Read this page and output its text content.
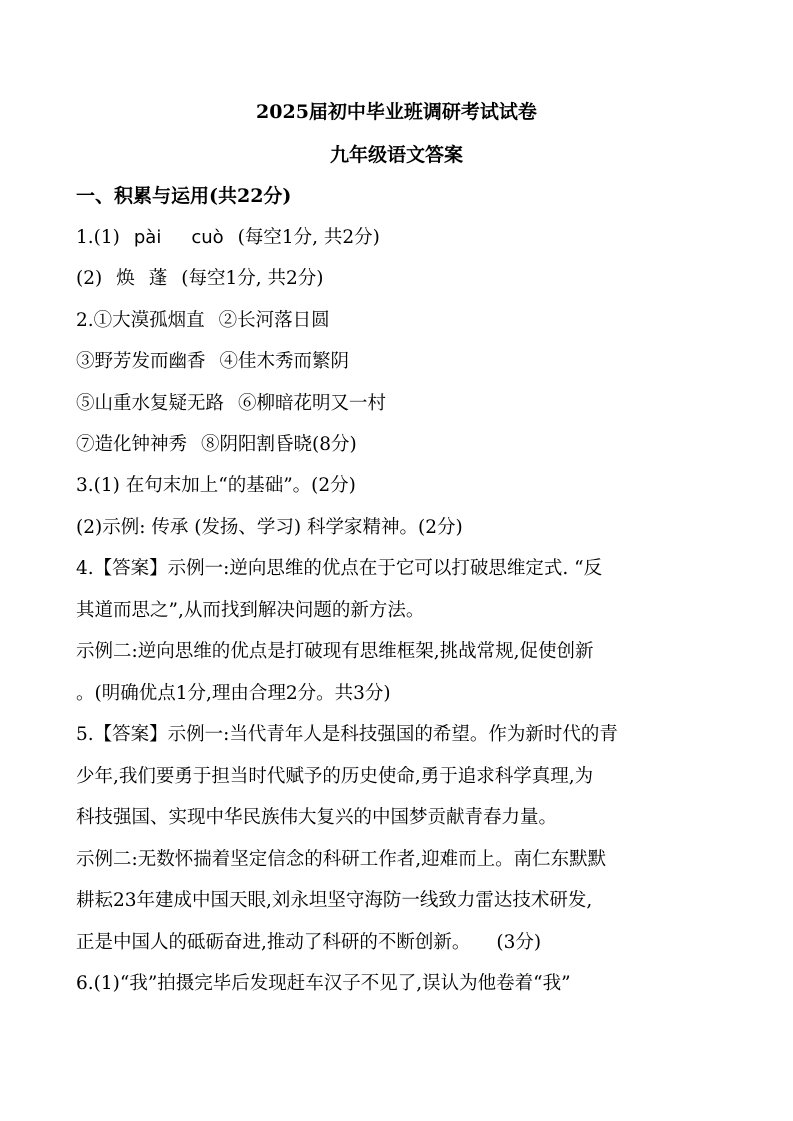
2025届初中毕业班调研考试试卷
九年级语文答案
一、积累与运用(共22分)
1.(1) pài cuò (每空1分, 共2分)
(2) 焕 蓬 (每空1分, 共2分)
2.①大漠孤烟直 ②长河落日圆
③野芳发而幽香 ④佳木秀而繁阴
⑤山重水复疑无路 ⑥柳暗花明又一村
⑦造化钟神秀 ⑧阴阳割昏晓(8分)
3.(1) 在句末加上“的基础”。(2分)
(2)示例: 传承 (发扬、学习) 科学家精神。(2分)
4.【答案】示例一:逆向思维的优点在于它可以打破思维定式. “反
其道而思之”,从而找到解决问题的新方法。
示例二:逆向思维的优点是打破现有思维框架,挑战常规,促使创新
。(明确优点1分,理由合理2分。共3分)
5.【答案】示例一:当代青年人是科技强国的希望。作为新时代的青
少年,我们要勇于担当时代赋予的历史使命,勇于追求科学真理,为
科技强国、实现中华民族伟大复兴的中国梦贡献青春力量。
示例二:无数怀揣着坚定信念的科研工作者,迎难而上。南仁东默默
耕耘23年建成中国天眼,刘永坦坚守海防一线致力雷达技术研发,
正是中国人的砥砺奋进,推动了科研的不断创新。 (3分)
6.(1)“我”拍摄完毕后发现赶车汉子不见了,误认为他卷着“我”
